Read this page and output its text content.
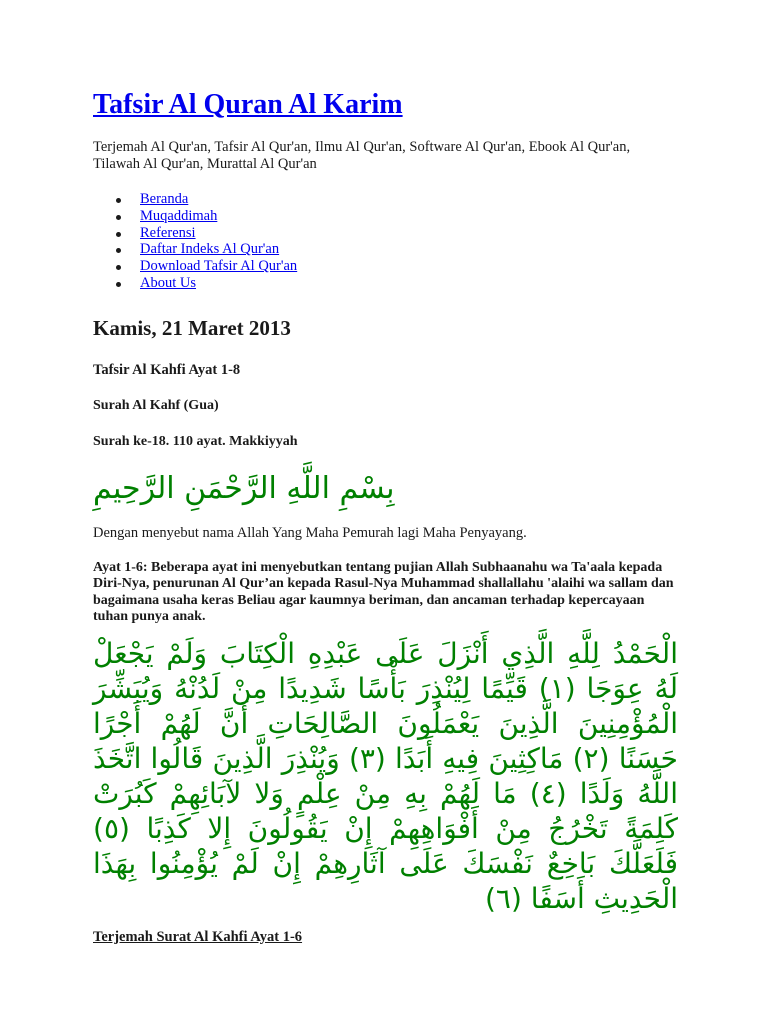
Tafsir Al Quran Al Karim

Terjemah Al Qur'an, Tafsir Al Qur'an, Ilmu Al Qur'an, Software Al Qur'an, Ebook Al Qur'an, Tilawah Al Qur'an, Murattal Al Qur'an

Beranda
Muqaddimah
Referensi
Daftar Indeks Al Qur'an
Download Tafsir Al Qur'an
About Us
Kamis, 21 Maret 2013
Tafsir Al Kahfi Ayat 1-8

Surah Al Kahf (Gua)

Surah ke-18. 110 ayat. Makkiyyah

بِسْمِ اللَّهِ الرَّحْمَنِ الرَّحِيمِ

Dengan menyebut nama Allah Yang Maha Pemurah lagi Maha Penyayang.

Ayat 1-6: Beberapa ayat ini menyebutkan tentang pujian Allah Subhaanahu wa Ta'aala kepada Diri-Nya, penurunan Al Qur’an kepada Rasul-Nya Muhammad shallallahu 'alaihi wa sallam dan bagaimana usaha keras Beliau agar kaumnya beriman, dan ancaman terhadap kepercayaan tuhan punya anak.

الْحَمْدُ لِلَّهِ الَّذِي أَنْزَلَ عَلَى عَبْدِهِ الْكِتَابَ وَلَمْ يَجْعَلْ لَهُ عِوَجَا (١) قَيِّمًا لِيُنْذِرَ بَأْسًا شَدِيدًا مِنْ لَدُنْهُ وَيُبَشِّرَ الْمُؤْمِنِينَ الَّذِينَ يَعْمَلُونَ الصَّالِحَاتِ أَنَّ لَهُمْ أَجْرًا حَسَنًا (٢) مَاكِثِينَ فِيهِ أَبَدًا (٣) وَيُنْذِرَ الَّذِينَ قَالُوا اتَّخَذَ اللَّهُ وَلَدًا (٤) مَا لَهُمْ بِهِ مِنْ عِلْمٍ وَلا لآبَائِهِمْ كَبُرَتْ كَلِمَةً تَخْرُجُ مِنْ أَفْوَاهِهِمْ إِنْ يَقُولُونَ إِلا كَذِبًا (٥) فَلَعَلَّكَ بَاخِعٌ نَفْسَكَ عَلَى آثَارِهِمْ إِنْ لَمْ يُؤْمِنُوا بِهَذَا الْحَدِيثِ أَسَفًا (٦)

Terjemah Surat Al Kahfi Ayat 1-6
